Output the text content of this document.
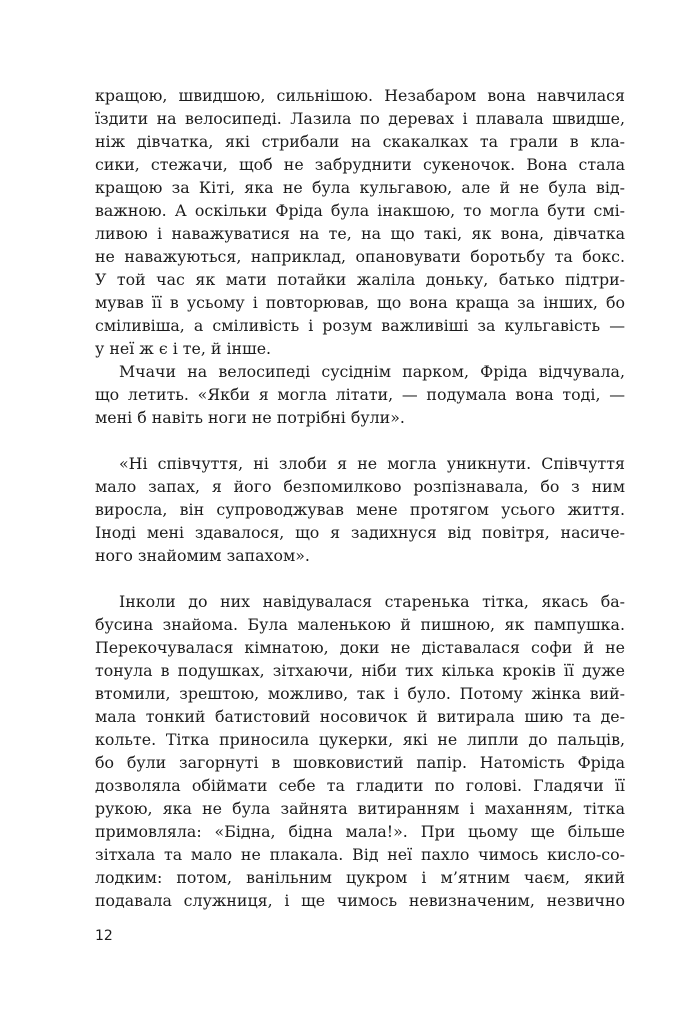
кращою, швидшою, сильнішою. Незабаром вона навчилася
їздити на велосипеді. Лазила по деревах і плавала швидше,
ніж дівчатка, які стрибали на скакалках та грали в кла-
сики, стежачи, щоб не забруднити сукеночок. Вона стала
кращою за Кіті, яка не була кульгавою, але й не була від-
важною. А оскільки Фріда була інакшою, то могла бути смі-
ливою і наважуватися на те, на що такі, як вона, дівчатка
не наважуються, наприклад, опановувати боротьбу та бокс.
У той час як мати потайки жаліла доньку, батько підтри-
мував її в усьому і повторював, що вона краща за інших, бо
сміливіша, а сміливість і розум важливіші за кульгавість —
у неї ж є і те, й інше.
Мчачи на велосипеді сусіднім парком, Фріда відчувала,
що летить. «Якби я могла літати, — подумала вона тоді, —
мені б навіть ноги не потрібні були».
«Ні співчуття, ні злоби я не могла уникнути. Співчуття
мало запах, я його безпомилково розпізнавала, бо з ним
виросла, він супроводжував мене протягом усього життя.
Іноді мені здавалося, що я задихнуся від повітря, насиче-
ного знайомим запахом».
Інколи до них навідувалася старенька тітка, якась ба-
бусина знайома. Була маленькою й пишною, як пампушка.
Перекочувалася кімнатою, доки не діставалася софи й не
тонула в подушках, зітхаючи, ніби тих кілька кроків її дуже
втомили, зрештою, можливо, так і було. Потому жінка вий-
мала тонкий батистовий носовичок й витирала шию та де-
кольте. Тітка приносила цукерки, які не липли до пальців,
бо були загорнуті в шовковистий папір. Натомість Фріда
дозволяла обіймати себе та гладити по голові. Гладячи її
рукою, яка не була зайнята витиранням і маханням, тітка
примовляла: «Бідна, бідна мала!». При цьому ще більше
зітхала та мало не плакала. Від неї пахло чимось кисло-со-
лодким: потом, ванільним цукром і м’ятним чаєм, який
подавала служниця, і ще чимось невизначеним, незвично
12
